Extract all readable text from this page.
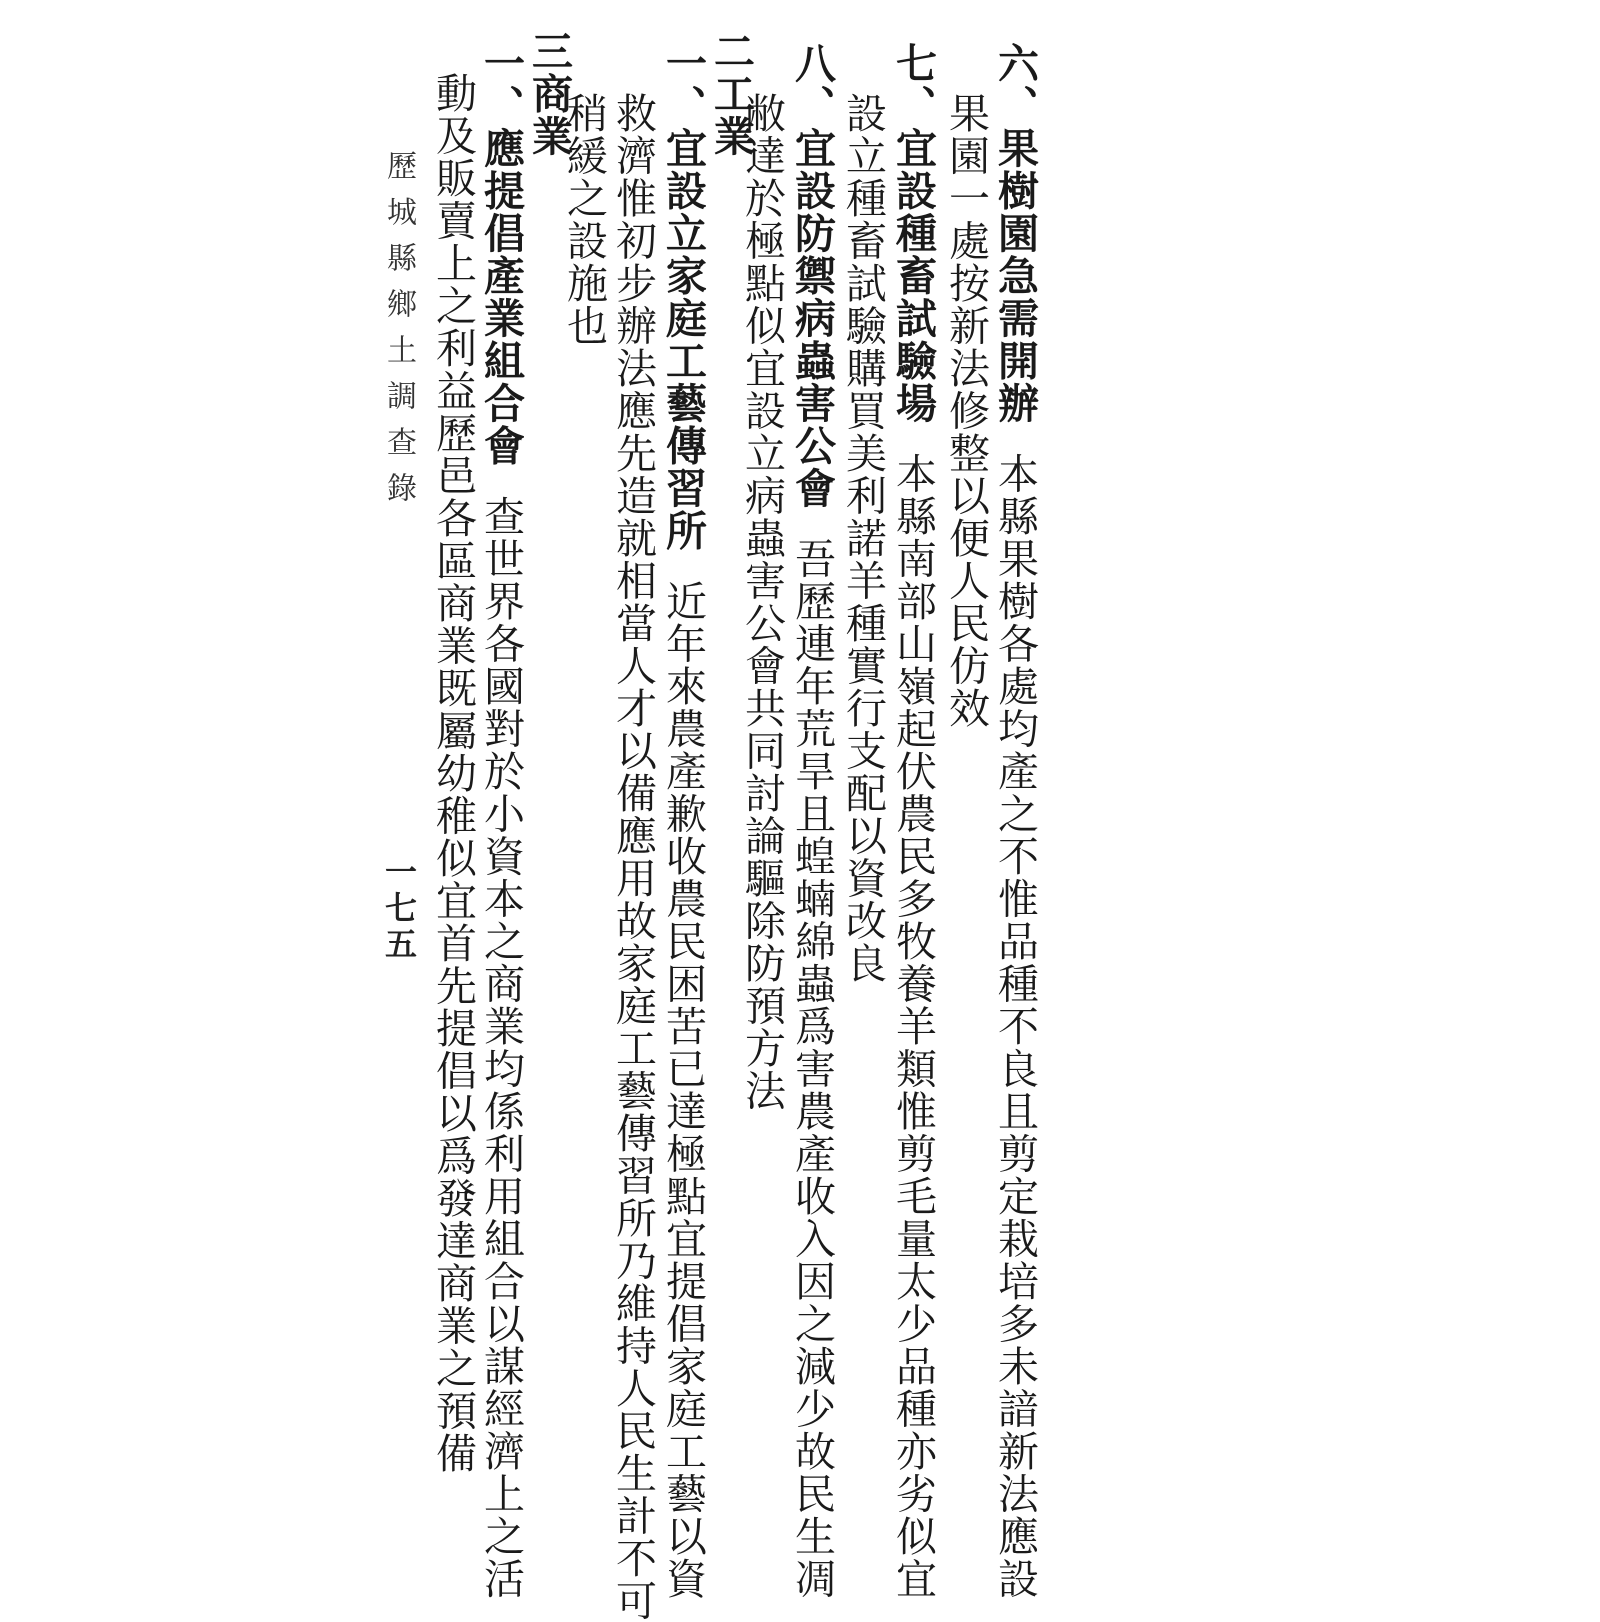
六、果樹園急需開辦本縣果樹各處均產之不惟品種不良且剪定栽培多未諳新法應設
果園一處按新法修整以便人民仿效
七、宜設種畜試驗場本縣南部山嶺起伏農民多牧養羊類惟剪毛量太少品種亦劣似宜
設立種畜試驗購買美利諾羊種實行支配以資改良
八、宜設防禦病蟲害公會吾歷連年荒旱且蝗蝻綿蟲爲害農產收入因之減少故民生凋
敝達於極點似宜設立病蟲害公會共同討論驅除防預方法
二工業
一、宜設立家庭工藝傳習所近年來農產歉收農民困苦已達極點宜提倡家庭工藝以資
救濟惟初步辦法應先造就相當人才以備應用故家庭工藝傳習所乃維持人民生計不可
稍緩之設施也
三商業
一、應提倡產業組合會查世界各國對於小資本之商業均係利用組合以謀經濟上之活
動及販賣上之利益歷邑各區商業既屬幼稚似宜首先提倡以爲發達商業之預備
歷城縣鄉土調查錄
一七五
